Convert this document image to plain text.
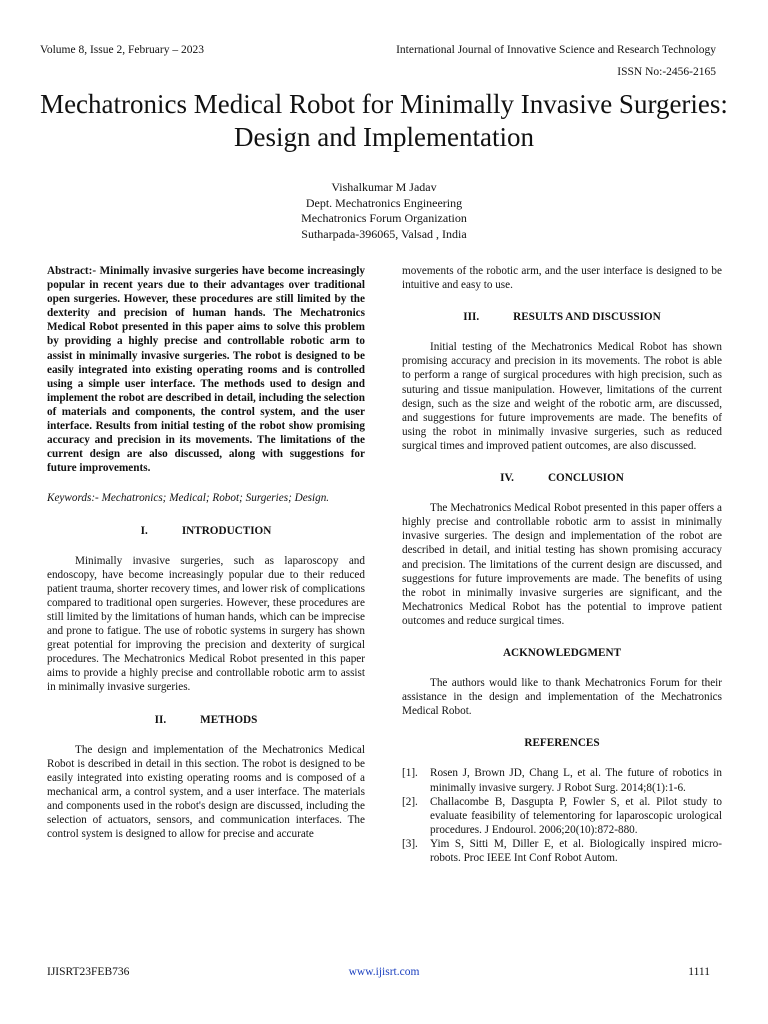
Volume 8, Issue 2, February – 2023	International Journal of Innovative Science and Research Technology
ISSN No:-2456-2165
Mechatronics Medical Robot for Minimally Invasive Surgeries: Design and Implementation
Vishalkumar M Jadav
Dept. Mechatronics Engineering
Mechatronics Forum Organization
Sutharpada-396065, Valsad , India

Abstract:- Minimally invasive surgeries have become increasingly popular in recent years due to their advantages over traditional open surgeries. However, these procedures are still limited by the dexterity and precision of human hands. The Mechatronics Medical Robot presented in this paper aims to solve this problem by providing a highly precise and controllable robotic arm to assist in minimally invasive surgeries. The robot is designed to be easily integrated into existing operating rooms and is controlled using a simple user interface. The methods used to design and implement the robot are described in detail, including the selection of materials and components, the control system, and the user interface. Results from initial testing of the robot show promising accuracy and precision in its movements. The limitations of the current design are also discussed, along with suggestions for future improvements.

Keywords:- Mechatronics; Medical; Robot; Surgeries; Design.

I.	INTRODUCTION

Minimally invasive surgeries, such as laparoscopy and endoscopy, have become increasingly popular due to their reduced patient trauma, shorter recovery times, and lower risk of complications compared to traditional open surgeries. However, these procedures are still limited by the limitations of human hands, which can be imprecise and prone to fatigue. The use of robotic systems in surgery has shown great potential for improving the precision and dexterity of surgical procedures. The Mechatronics Medical Robot presented in this paper aims to provide a highly precise and controllable robotic arm to assist in minimally invasive surgeries.

II.	METHODS

The design and implementation of the Mechatronics Medical Robot is described in detail in this section. The robot is designed to be easily integrated into existing operating rooms and is composed of a mechanical arm, a control system, and a user interface. The materials and components used in the robot's design are discussed, including the selection of actuators, sensors, and communication interfaces. The control system is designed to allow for precise and accurate

movements of the robotic arm, and the user interface is designed to be intuitive and easy to use.

III.	RESULTS AND DISCUSSION

Initial testing of the Mechatronics Medical Robot has shown promising accuracy and precision in its movements. The robot is able to perform a range of surgical procedures with high precision, such as suturing and tissue manipulation. However, limitations of the current design, such as the size and weight of the robotic arm, are discussed, and suggestions for future improvements are made. The benefits of using the robot in minimally invasive surgeries, such as reduced surgical times and improved patient outcomes, are also discussed.

IV.	CONCLUSION

The Mechatronics Medical Robot presented in this paper offers a highly precise and controllable robotic arm to assist in minimally invasive surgeries. The design and implementation of the robot are described in detail, and initial testing has shown promising accuracy and precision. The limitations of the current design are discussed, and suggestions for future improvements are made. The benefits of using the robot in minimally invasive surgeries are significant, and the Mechatronics Medical Robot has the potential to improve patient outcomes and reduce surgical times.

ACKNOWLEDGMENT

The authors would like to thank Mechatronics Forum for their assistance in the design and implementation of the Mechatronics Medical Robot.

REFERENCES
[1].	Rosen J, Brown JD, Chang L, et al. The future of robotics in minimally invasive surgery. J Robot Surg. 2014;8(1):1-6.
[2].	Challacombe B, Dasgupta P, Fowler S, et al. Pilot study to evaluate feasibility of telementoring for laparoscopic urological procedures. J Endourol. 2006;20(10):872-880.
[3].	Yim S, Sitti M, Diller E, et al. Biologically inspired micro-robots. Proc IEEE Int Conf Robot Autom.
IJISRT23FEB736	www.ijisrt.com	1111
